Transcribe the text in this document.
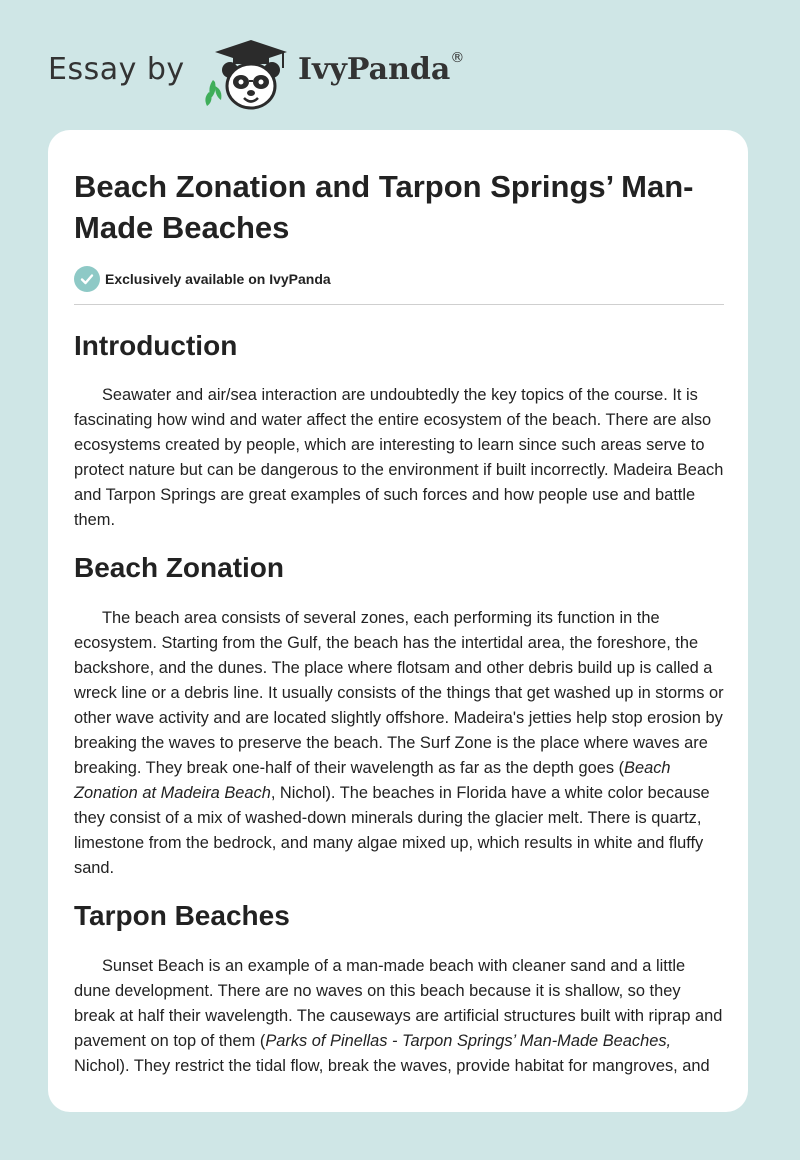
Essay by	IvyPanda®
Beach Zonation and Tarpon Springs’ Man-Made Beaches
Exclusively available on IvyPanda
Introduction

Seawater and air/sea interaction are undoubtedly the key topics of the course. It is fascinating how wind and water affect the entire ecosystem of the beach. There are also ecosystems created by people, which are interesting to learn since such areas serve to protect nature but can be dangerous to the environment if built incorrectly. Madeira Beach and Tarpon Springs are great examples of such forces and how people use and battle them.

Beach Zonation

The beach area consists of several zones, each performing its function in the ecosystem. Starting from the Gulf, the beach has the intertidal area, the foreshore, the backshore, and the dunes. The place where flotsam and other debris build up is called a wreck line or a debris line. It usually consists of the things that get washed up in storms or other wave activity and are located slightly offshore. Madeira's jetties help stop erosion by breaking the waves to preserve the beach. The Surf Zone is the place where waves are breaking. They break one-half of their wavelength as far as the depth goes (Beach Zonation at Madeira Beach, Nichol). The beaches in Florida have a white color because they consist of a mix of washed-down minerals during the glacier melt. There is quartz, limestone from the bedrock, and many algae mixed up, which results in white and fluffy sand.

Tarpon Beaches

Sunset Beach is an example of a man-made beach with cleaner sand and a little dune development. There are no waves on this beach because it is shallow, so they break at half their wavelength. The causeways are artificial structures built with riprap and pavement on top of them (Parks of Pinellas - Tarpon Springs’ Man-Made Beaches, Nichol). They restrict the tidal flow, break the waves, provide habitat for mangroves, and
